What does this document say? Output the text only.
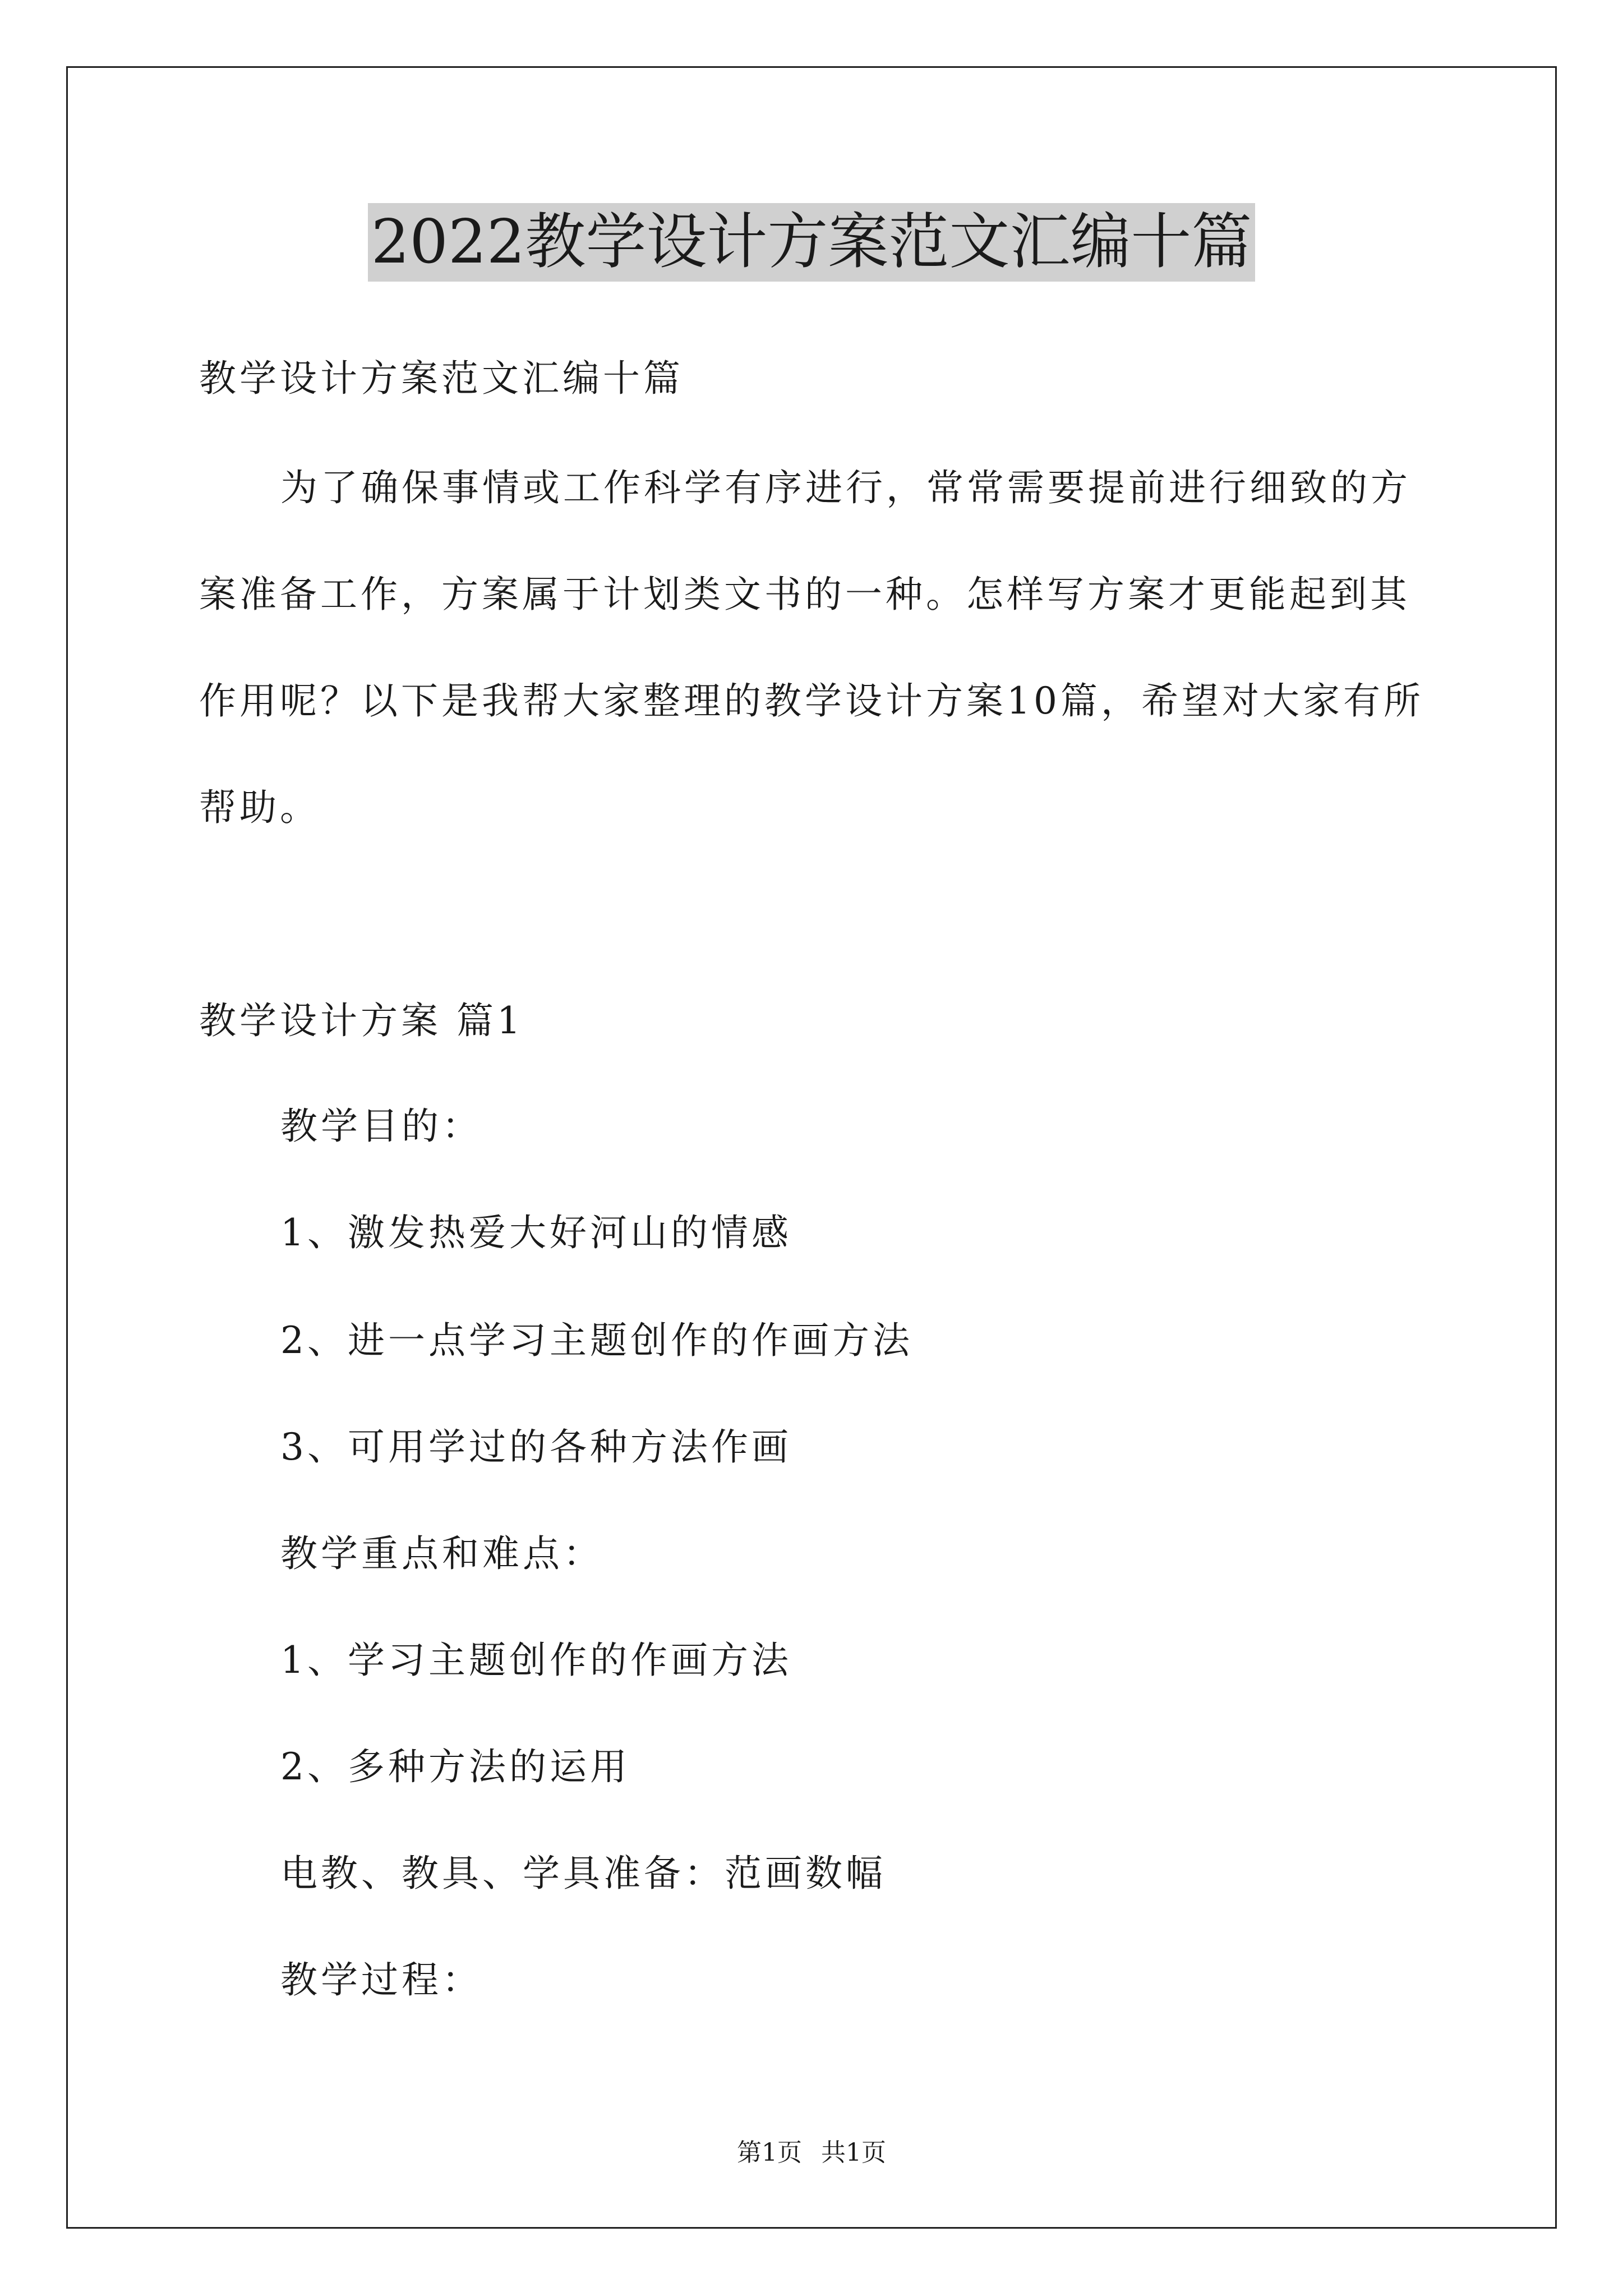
2022教学设计方案范文汇编十篇
教学设计方案范文汇编十篇
为了确保事情或工作科学有序进行，常常需要提前进行细致的方
案准备工作，方案属于计划类文书的一种。怎样写方案才更能起到其
作用呢？以下是我帮大家整理的教学设计方案10篇，希望对大家有所
帮助。
教学设计方案 篇1
教学目的：
1、激发热爱大好河山的情感
2、进一点学习主题创作的作画方法
3、可用学过的各种方法作画
教学重点和难点：
1、学习主题创作的作画方法
2、多种方法的运用
电教、教具、学具准备：范画数幅
教学过程：
第1页 共1页
